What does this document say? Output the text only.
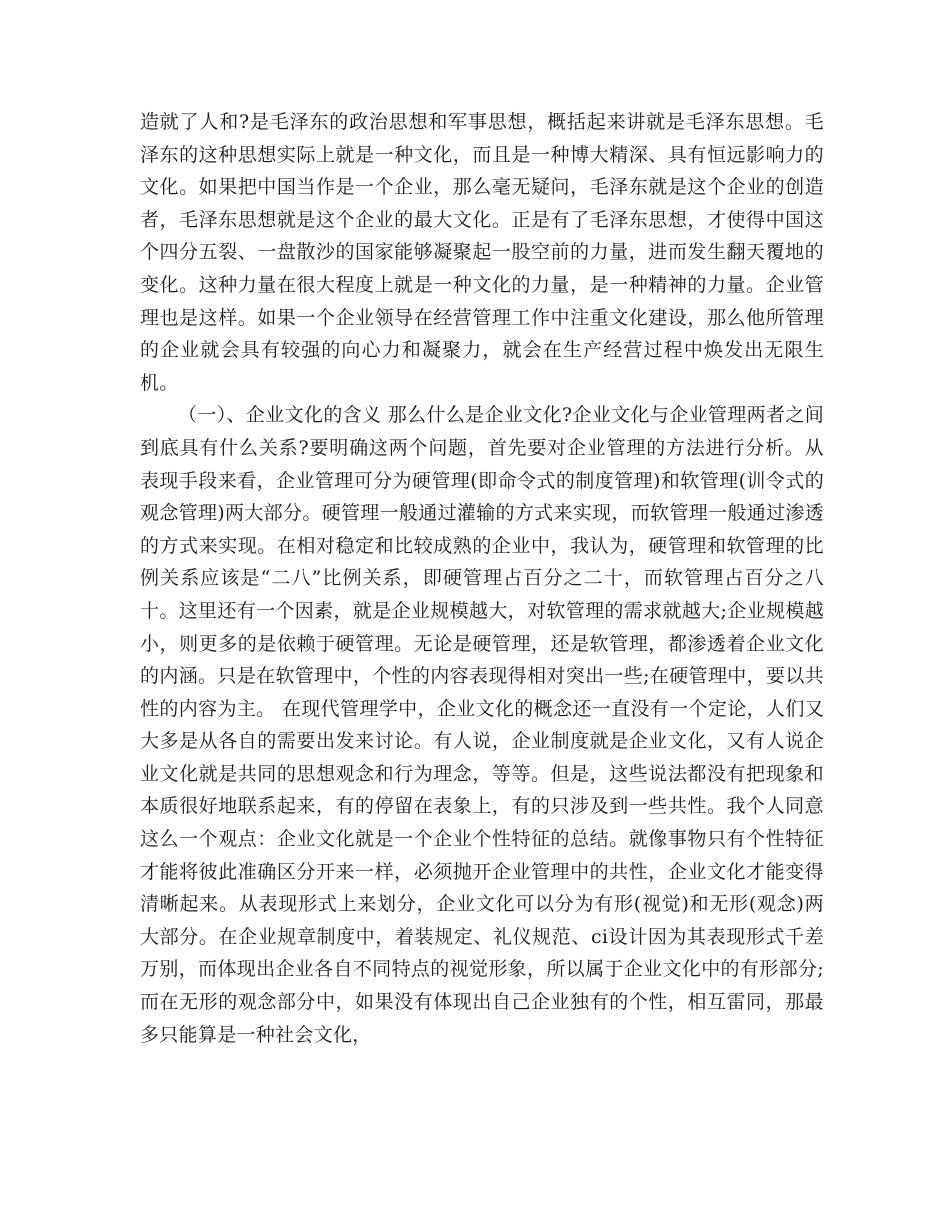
造就了人和?是毛泽东的政治思想和军事思想，概括起来讲就是毛泽东思想。毛泽东的这种思想实际上就是一种文化，而且是一种博大精深、具有恒远影响力的文化。如果把中国当作是一个企业，那么毫无疑问，毛泽东就是这个企业的创造者，毛泽东思想就是这个企业的最大文化。正是有了毛泽东思想，才使得中国这个四分五裂、一盘散沙的国家能够凝聚起一股空前的力量，进而发生翻天覆地的变化。这种力量在很大程度上就是一种文化的力量，是一种精神的力量。企业管理也是这样。如果一个企业领导在经营管理工作中注重文化建设，那么他所管理的企业就会具有较强的向心力和凝聚力，就会在生产经营过程中焕发出无限生机。

（一）、企业文化的含义 那么什么是企业文化?企业文化与企业管理两者之间到底具有什么关系?要明确这两个问题，首先要对企业管理的方法进行分析。从表现手段来看，企业管理可分为硬管理(即命令式的制度管理)和软管理(训令式的观念管理)两大部分。硬管理一般通过灌输的方式来实现，而软管理一般通过渗透的方式来实现。在相对稳定和比较成熟的企业中，我认为，硬管理和软管理的比例关系应该是“二八”比例关系，即硬管理占百分之二十，而软管理占百分之八十。这里还有一个因素，就是企业规模越大，对软管理的需求就越大;企业规模越小，则更多的是依赖于硬管理。无论是硬管理，还是软管理，都渗透着企业文化的内涵。只是在软管理中，个性的内容表现得相对突出一些;在硬管理中，要以共性的内容为主。 在现代管理学中，企业文化的概念还一直没有一个定论，人们又大多是从各自的需要出发来讨论。有人说，企业制度就是企业文化，又有人说企业文化就是共同的思想观念和行为理念，等等。但是，这些说法都没有把现象和本质很好地联系起来，有的停留在表象上，有的只涉及到一些共性。我个人同意这么一个观点：企业文化就是一个企业个性特征的总结。就像事物只有个性特征才能将彼此准确区分开来一样，必须抛开企业管理中的共性，企业文化才能变得清晰起来。从表现形式上来划分，企业文化可以分为有形(视觉)和无形(观念)两大部分。在企业规章制度中，着装规定、礼仪规范、ci设计因为其表现形式千差万别，而体现出企业各自不同特点的视觉形象，所以属于企业文化中的有形部分;而在无形的观念部分中，如果没有体现出自己企业独有的个性，相互雷同，那最多只能算是一种社会文化，
